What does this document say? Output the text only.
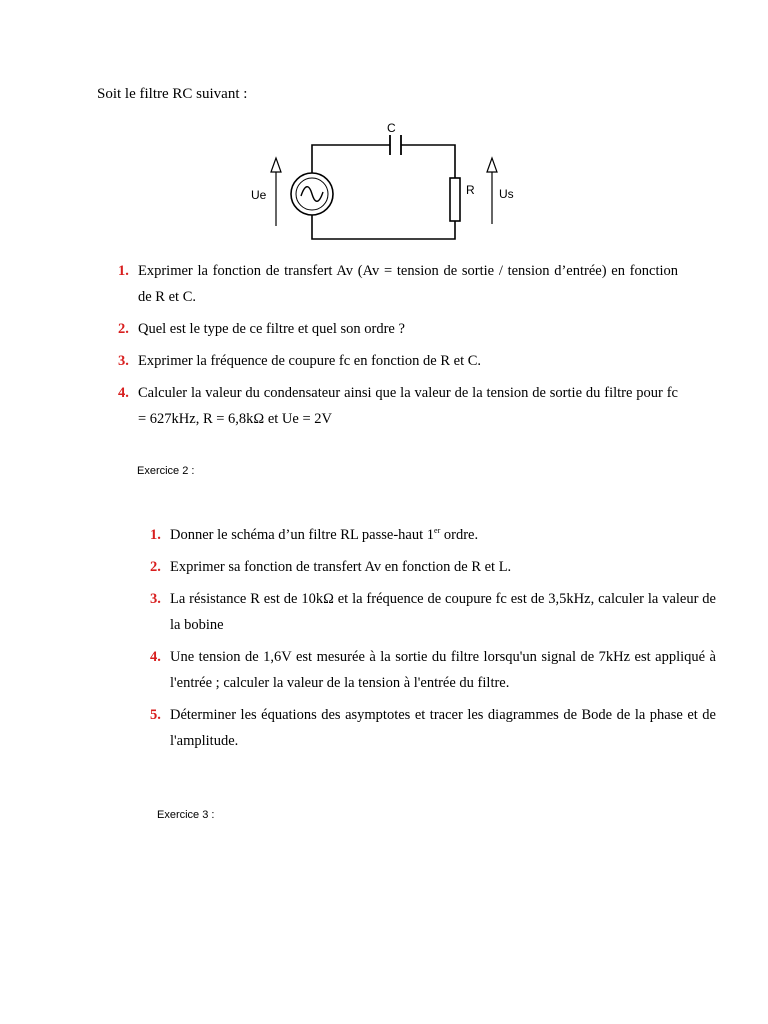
Soit le filtre RC suivant :
C
R
Ue	Us
1. Exprimer la fonction de transfert Av (Av = tension de sortie / tension d’entrée) en fonction de R et C.
2. Quel est le type de ce filtre et quel son ordre ?
3. Exprimer la fréquence de coupure fc en fonction de R et C.
4. Calculer la valeur du condensateur ainsi que la valeur de la tension de sortie du filtre pour fc = 627kHz, R = 6,8kΩ et Ue = 2V
Exercice 2 :
1. Donner le schéma d’un filtre RL passe-haut 1er ordre.
2. Exprimer sa fonction de transfert Av en fonction de R et L.
3. La résistance R est de 10kΩ et la fréquence de coupure fc est de 3,5kHz, calculer la valeur de la bobine
4. Une tension de 1,6V est mesurée à la sortie du filtre lorsqu'un signal de 7kHz est appliqué à l'entrée ; calculer la valeur de la tension à l'entrée du filtre.
5. Déterminer les équations des asymptotes et tracer les diagrammes de Bode de la phase et de l'amplitude.
Exercice 3 :
